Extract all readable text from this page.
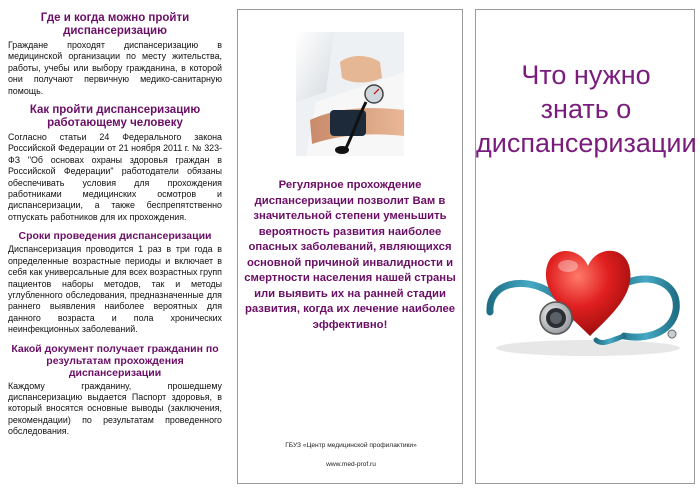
Где и когда можно пройти диспансеризацию
Граждане проходят диспансеризацию в медицинской организации по месту жительства, работы, учебы или выбору гражданина, в которой они получают первичную медико-санитарную помощь.
Как пройти диспансеризацию работающему человеку
Согласно статьи 24 Федерального закона Российской Федерации от 21 ноября 2011 г. № 323-ФЗ "Об основах охраны здоровья граждан в Российской Федерации" работодатели обязаны обеспечивать условия для прохождения работниками медицинских осмотров и диспансеризации, а также беспрепятственно отпускать работников для их прохождения.
Сроки проведения диспансеризации
Диспансеризация проводится 1 раз в три года в определенные возрастные периоды и включает в себя как универсальные для всех возрастных групп пациентов наборы методов, так и методы углубленного обследования, предназначенные для раннего выявления наиболее вероятных для данного возраста и пола хронических неинфекционных заболеваний.
Какой документ получает гражданин по результатам прохождения диспансеризации
Каждому гражданину, прошедшему диспансеризацию выдается Паспорт здоровья, в который вносятся основные выводы (заключения, рекомендации) по результатам проведенного обследования.
Регулярное прохождение диспансеризации позволит Вам в значительной степени уменьшить вероятность развития наиболее опасных заболеваний, являющихся основной причиной инвалидности и смертности населения нашей страны или выявить их на ранней стадии развития, когда их лечение наиболее эффективно!
ГБУЗ «Центр медицинской профилактики»
www.med-prof.ru
Что нужно
знать о
диспансеризации
